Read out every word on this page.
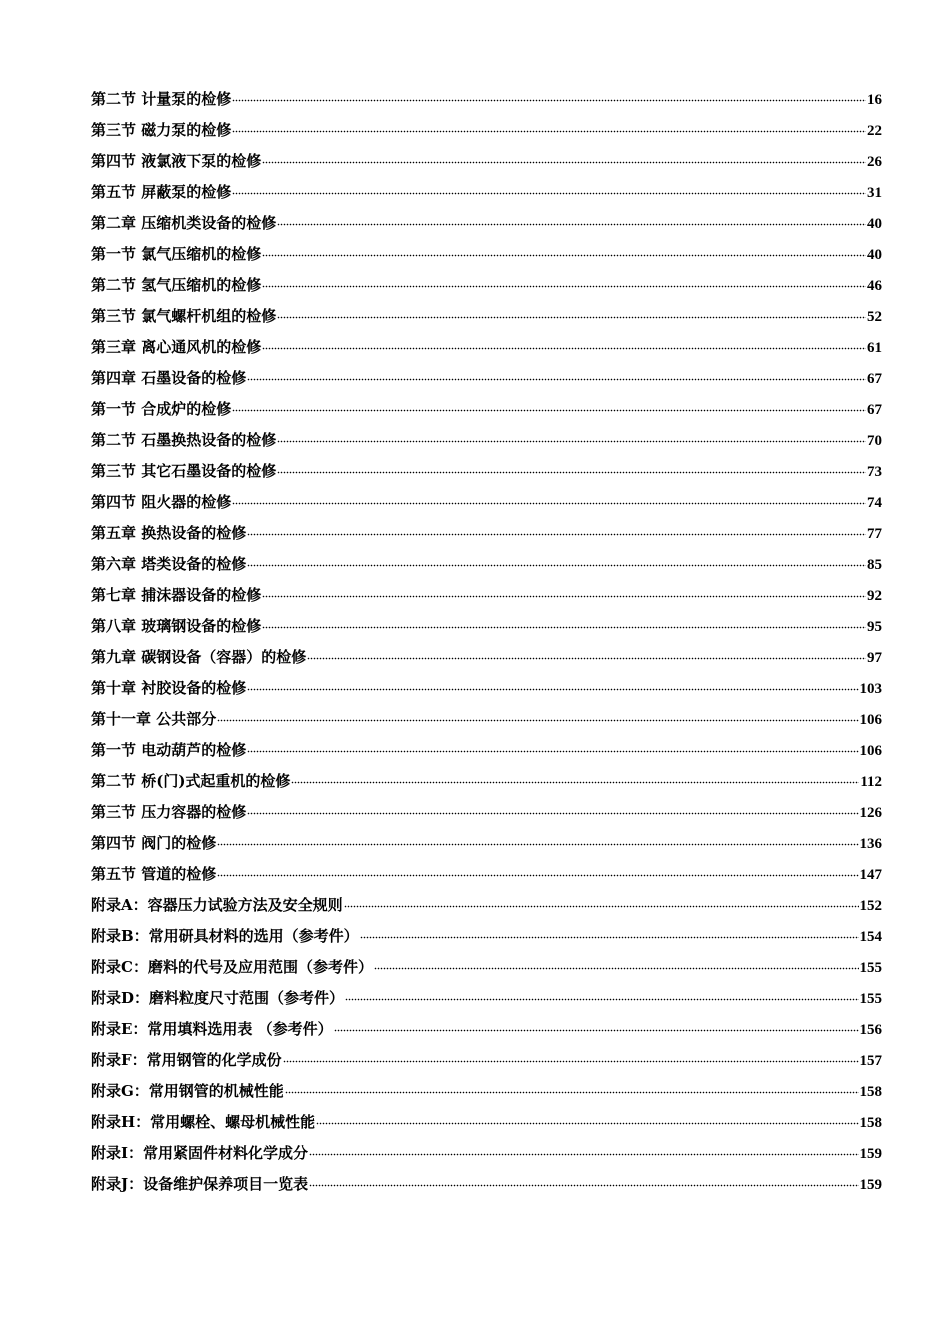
第二节 计量泵的检修	16
第三节 磁力泵的检修	22
第四节 液氯液下泵的检修	26
第五节 屏蔽泵的检修	31
第二章 压缩机类设备的检修	40
第一节 氯气压缩机的检修	40
第二节 氢气压缩机的检修	46
第三节 氯气螺杆机组的检修	52
第三章 离心通风机的检修	61
第四章 石墨设备的检修	67
第一节 合成炉的检修	67
第二节 石墨换热设备的检修	70
第三节 其它石墨设备的检修	73
第四节 阻火器的检修	74
第五章 换热设备的检修	77
第六章 塔类设备的检修	85
第七章 捕沫器设备的检修	92
第八章 玻璃钢设备的检修	95
第九章 碳钢设备（容器）的检修	97
第十章 衬胶设备的检修	103
第十一章 公共部分	106
第一节 电动葫芦的检修	106
第二节 桥(门)式起重机的检修	112
第三节 压力容器的检修	126
第四节 阀门的检修	136
第五节 管道的检修	147
附录A：容器压力试验方法及安全规则	152
附录B：常用研具材料的选用（参考件）	154
附录C：磨料的代号及应用范围（参考件）	155
附录D：磨料粒度尺寸范围（参考件）	155
附录E：常用填料选用表 （参考件）	156
附录F：常用钢管的化学成份	157
附录G：常用钢管的机械性能	158
附录H：常用螺栓、螺母机械性能	158
附录I：常用紧固件材料化学成分	159
附录J：设备维护保养项目一览表	159
